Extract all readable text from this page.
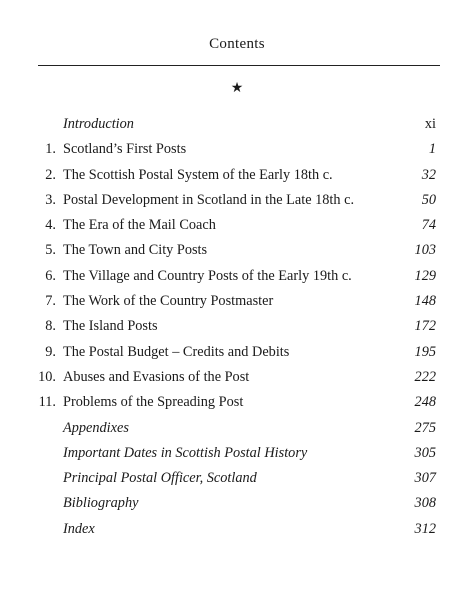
Contents
★
Introduction	xi
1. Scotland’s First Posts	1
2. The Scottish Postal System of the Early 18th c.	32
3. Postal Development in Scotland in the Late 18th c.	50
4. The Era of the Mail Coach	74
5. The Town and City Posts	103
6. The Village and Country Posts of the Early 19th c.	129
7. The Work of the Country Postmaster	148
8. The Island Posts	172
9. The Postal Budget – Credits and Debits	195
10. Abuses and Evasions of the Post	222
11. Problems of the Spreading Post	248
Appendixes	275
Important Dates in Scottish Postal History	305
Principal Postal Officer, Scotland	307
Bibliography	308
Index	312
